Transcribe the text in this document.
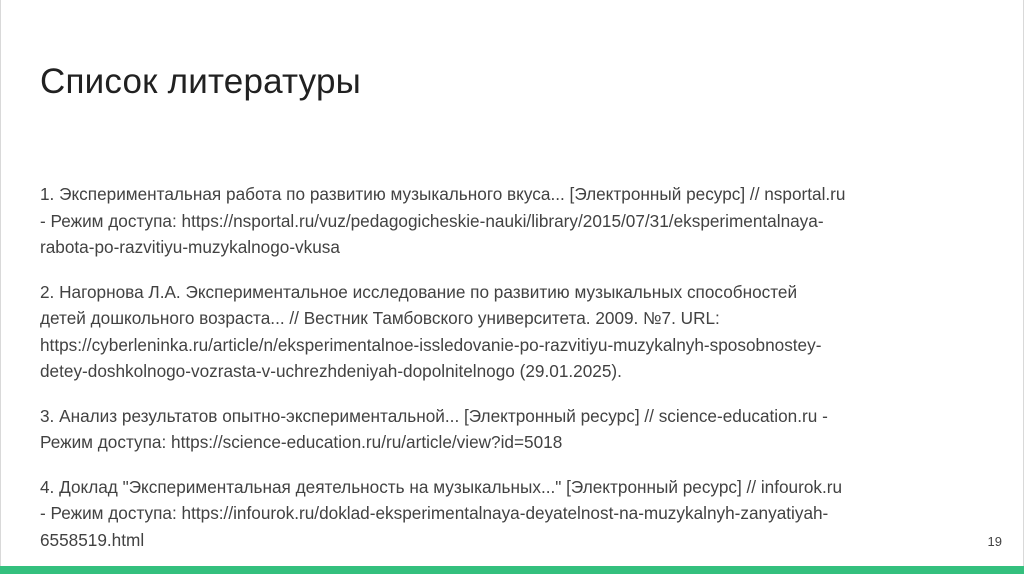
Список литературы

1. Экспериментальная работа по развитию музыкального вкуса... [Электронный ресурс] // nsportal.ru
- Режим доступа: https://nsportal.ru/vuz/pedagogicheskie-nauki/library/2015/07/31/eksperimentalnaya-
rabota-po-razvitiyu-muzykalnogo-vkusa

2. Нагорнова Л.А. Экспериментальное исследование по развитию музыкальных способностей
детей дошкольного возраста... // Вестник Тамбовского университета. 2009. №7. URL:
https://cyberleninka.ru/article/n/eksperimentalnoe-issledovanie-po-razvitiyu-muzykalnyh-sposobnostey-
detey-doshkolnogo-vozrasta-v-uchrezhdeniyah-dopolnitelnogo (29.01.2025).

3. Анализ результатов опытно-экспериментальной... [Электронный ресурс] // science-education.ru -
Режим доступа: https://science-education.ru/ru/article/view?id=5018

4. Доклад "Экспериментальная деятельность на музыкальных..." [Электронный ресурс] // infourok.ru
- Режим доступа: https://infourok.ru/doklad-eksperimentalnaya-deyatelnost-na-muzykalnyh-zanyatiyah-
6558519.html	19
